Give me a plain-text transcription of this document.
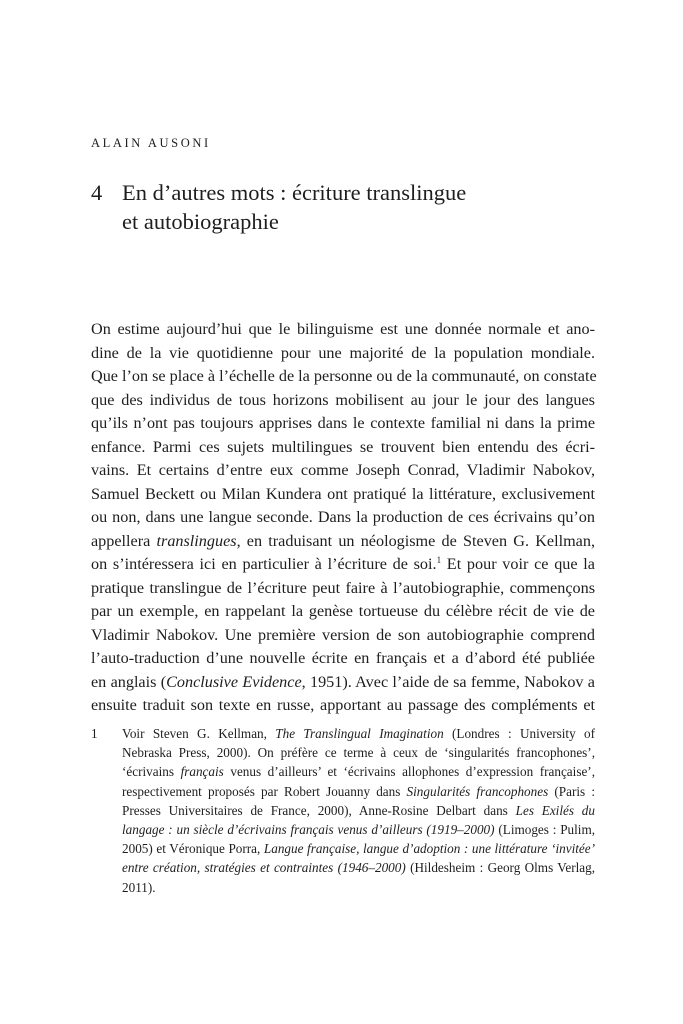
ALAIN AUSONI
4 En d’autres mots : écriture translingue
et autobiographie
On estime aujourd’hui que le bilinguisme est une donnée normale et ano-
dine de la vie quotidienne pour une majorité de la population mondiale.
Que l’on se place à l’échelle de la personne ou de la communauté, on constate
que des individus de tous horizons mobilisent au jour le jour des langues
qu’ils n’ont pas toujours apprises dans le contexte familial ni dans la prime
enfance. Parmi ces sujets multilingues se trouvent bien entendu des écri-
vains. Et certains d’entre eux comme Joseph Conrad, Vladimir Nabokov,
Samuel Beckett ou Milan Kundera ont pratiqué la littérature, exclusivement
ou non, dans une langue seconde. Dans la production de ces écrivains qu’on
appellera translingues, en traduisant un néologisme de Steven G. Kellman,
on s’intéressera ici en particulier à l’écriture de soi.$^1$ Et pour voir ce que la
pratique translingue de l’écriture peut faire à l’autobiographie, commençons
par un exemple, en rappelant la genèse tortueuse du célèbre récit de vie de
Vladimir Nabokov. Une première version de son autobiographie comprend
l’auto-traduction d’une nouvelle écrite en français et a d’abord été publiée
en anglais (Conclusive Evidence, 1951). Avec l’aide de sa femme, Nabokov a
ensuite traduit son texte en russe, apportant au passage des compléments et
1	Voir Steven G. Kellman, The Translingual Imagination (Londres : University of
Nebraska Press, 2000). On préfère ce terme à ceux de ‘singularités francophones’,
‘écrivains français venus d’ailleurs’ et ‘écrivains allophones d’expression française’,
respectivement proposés par Robert Jouanny dans Singularités francophones (Paris :
Presses Universitaires de France, 2000), Anne-Rosine Delbart dans Les Exilés du
langage : un siècle d’écrivains français venus d’ailleurs (1919–2000) (Limoges : Pulim,
2005) et Véronique Porra, Langue française, langue d’adoption : une littérature ‘invitée’
entre création, stratégies et contraintes (1946–2000) (Hildesheim : Georg Olms Verlag,
2011).
